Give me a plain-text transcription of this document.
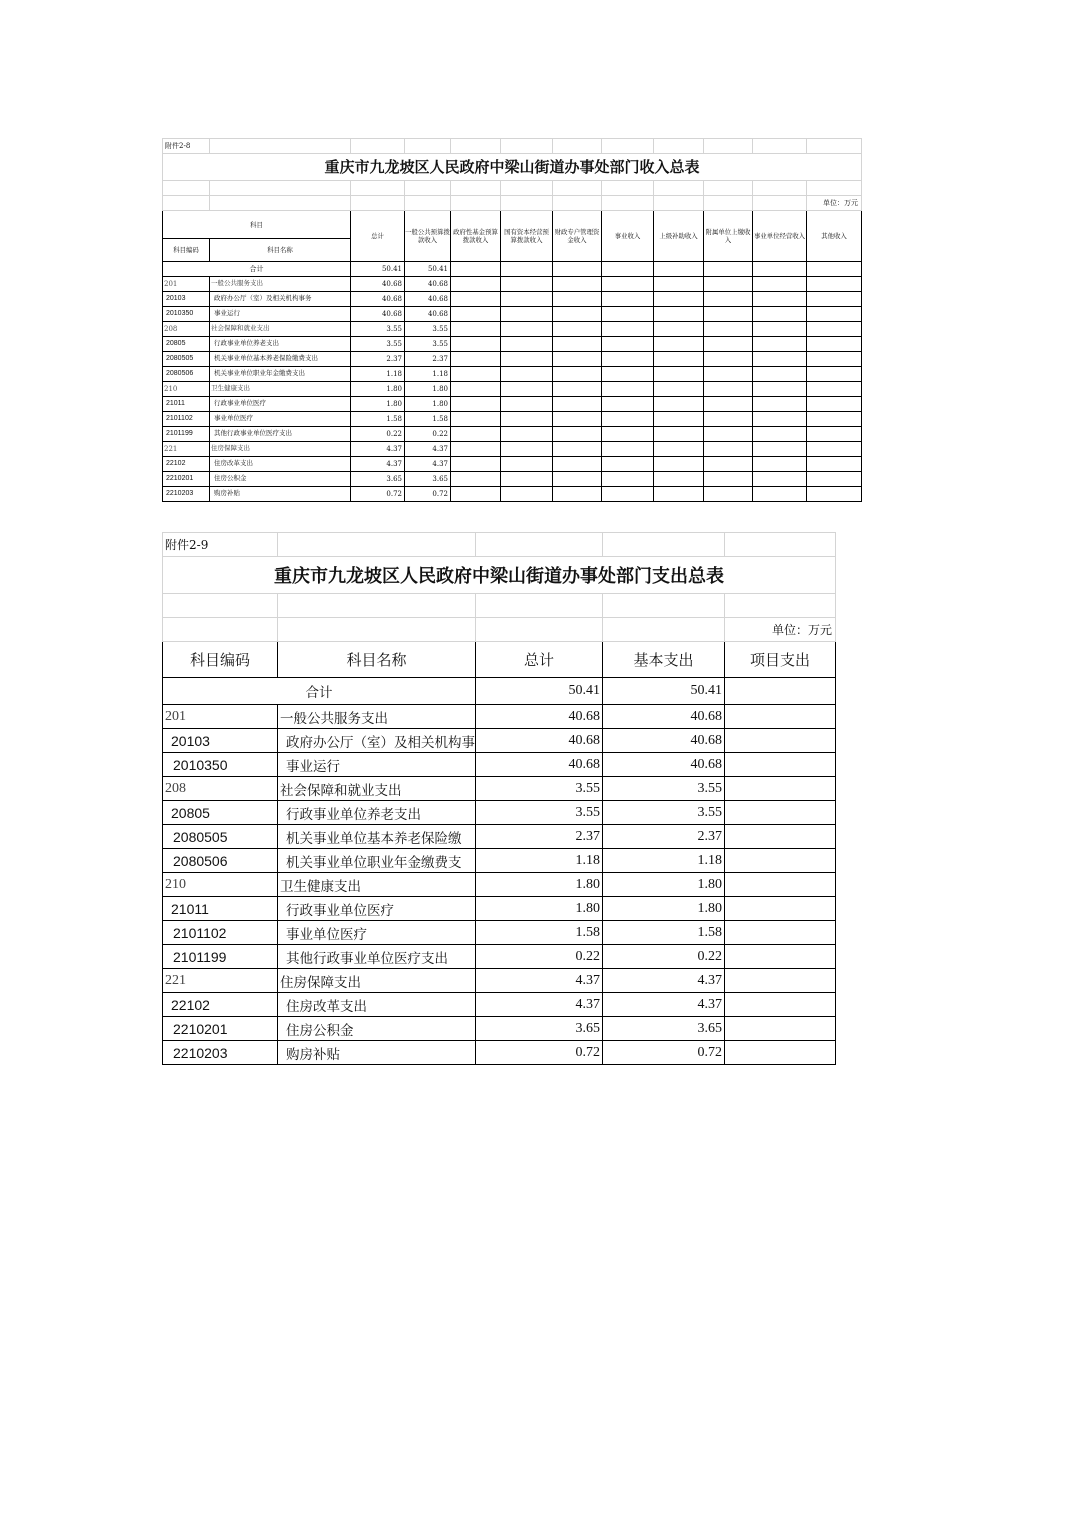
附件2-8											
重庆市九龙坡区人民政府中梁山街道办事处部门收入总表											

											单位：万元
科目		总计	一般公共预算拨款收入	政府性基金预算拨款收入	国有资本经营预算拨款收入	财政专户管理资金收入	事业收入	上级补助收入	附属单位上缴收入	事业单位经营收入	其他收入
科目编码	科目名称										
合计		50.41	50.41								
201	一般公共服务支出	40.68	40.68								
20103	政府办公厅（室）及相关机构事务	40.68	40.68								
2010350	事业运行	40.68	40.68								
208	社会保障和就业支出	3.55	3.55								
20805	行政事业单位养老支出	3.55	3.55								
2080505	机关事业单位基本养老保险缴费支出	2.37	2.37								
2080506	机关事业单位职业年金缴费支出	1.18	1.18								
210	卫生健康支出	1.80	1.80								
21011	行政事业单位医疗	1.80	1.80								
2101102	事业单位医疗	1.58	1.58								
2101199	其他行政事业单位医疗支出	0.22	0.22								
221	住房保障支出	4.37	4.37								
22102	住房改革支出	4.37	4.37								
2210201	住房公积金	3.65	3.65								
2210203	购房补贴	0.72	0.72								
附件2-9				
重庆市九龙坡区人民政府中梁山街道办事处部门支出总表				

				单位：万元
科目编码	科目名称	总计	基本支出	项目支出
合计		50.41	50.41	
201	一般公共服务支出	40.68	40.68	
20103	政府办公厅（室）及相关机构事	40.68	40.68	
2010350	事业运行	40.68	40.68	
208	社会保障和就业支出	3.55	3.55	
20805	行政事业单位养老支出	3.55	3.55	
2080505	机关事业单位基本养老保险缴	2.37	2.37	
2080506	机关事业单位职业年金缴费支	1.18	1.18	
210	卫生健康支出	1.80	1.80	
21011	行政事业单位医疗	1.80	1.80	
2101102	事业单位医疗	1.58	1.58	
2101199	其他行政事业单位医疗支出	0.22	0.22	
221	住房保障支出	4.37	4.37	
22102	住房改革支出	4.37	4.37	
2210201	住房公积金	3.65	3.65	
2210203	购房补贴	0.72	0.72	
